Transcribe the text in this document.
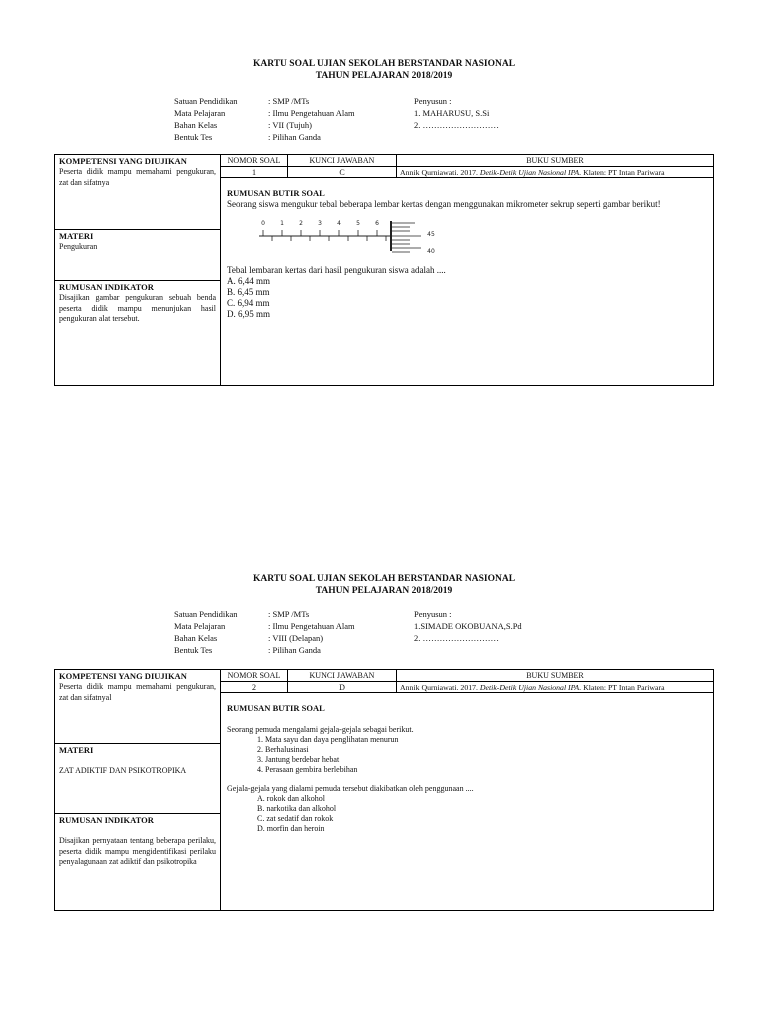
KARTU SOAL UJIAN SEKOLAH BERSTANDAR NASIONAL
TAHUN PELAJARAN 2018/2019
Satuan Pendidikan	: SMP /MTs
Mata Pelajaran	: Ilmu Pengetahuan Alam
Bahan Kelas	: VII (Tujuh)
Bentuk Tes	: Pilihan Ganda
Penyusun :
1. MAHARUSU, S.Si
2. ………………………
KOMPETENSI YANG DIUJIKAN

Peserta didik mampu memahami pengukuran, zat dan sifatnya

MATERI

Pengukuran

RUMUSAN INDIKATOR

Disajikan gambar pengukuran sebuah benda peserta didik mampu menunjukan hasil pengukuran alat tersebut.

NOMOR SOAL	KUNCI JAWABAN	BUKU SUMBER
1	C	Annik Qurniawati. 2017. Detik-Detik Ujian Nasional IPA. Klaten: PT Intan Pariwara
RUMUSAN BUTIR SOAL
Seorang siswa mengukur tebal beberapa lembar kertas dengan menggunakan mikrometer sekrup seperti gambar berikut!
0	1	2	3	4	5	6
45
40
Tebal lembaran kertas dari hasil pengukuran siswa adalah ....
A. 6,44 mm
B. 6,45 mm
C. 6,94 mm
D. 6,95 mm
KARTU SOAL UJIAN SEKOLAH BERSTANDAR NASIONAL
TAHUN PELAJARAN 2018/2019
Satuan Pendidikan	: SMP /MTs
Mata Pelajaran	: Ilmu Pengetahuan Alam
Bahan Kelas	: VIII (Delapan)
Bentuk Tes	: Pilihan Ganda
Penyusun :
1.SIMADE OKOBUANA,S.Pd
2. ………………………
KOMPETENSI YANG DIUJIKAN

Peserta didik mampu memahami pengukuran, zat dan sifatnyal

MATERI

ZAT ADIKTIF DAN PSIKOTROPIKA

RUMUSAN INDIKATOR

Disajikan pernyataan tentang beberapa perilaku, peserta didik mampu mengidentifikasi perilaku penyalagunaan zat adiktif dan psikotropika

NOMOR SOAL	KUNCI JAWABAN	BUKU SUMBER
2	D	Annik Qurniawati. 2017. Detik-Detik Ujian Nasional IPA. Klaten: PT Intan Pariwara
RUMUSAN BUTIR SOAL
Seorang pemuda mengalami gejala-gejala sebagai berikut.
1. Mata sayu dan daya penglihatan menurun
2. Berhalusinasi
3. Jantung berdebar hebat
4. Perasaan gembira berlebihan
Gejala-gejala yang dialami pemuda tersebut diakibatkan oleh penggunaan ....
A. rokok dan alkohol
B. narkotika dan alkohol
C. zat sedatif dan rokok
D. morfin dan heroin
